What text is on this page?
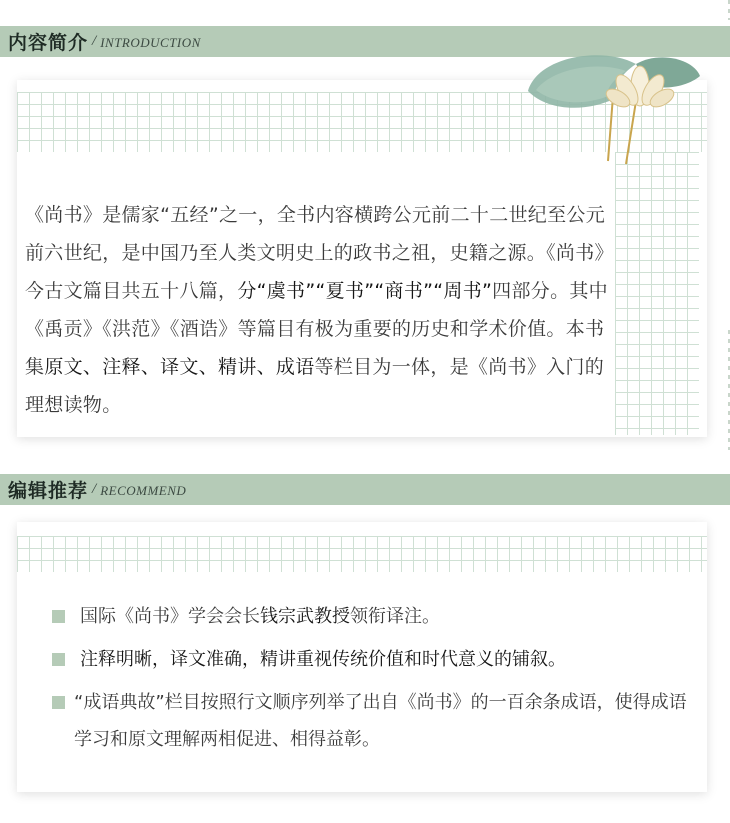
内容简介 / INTRODUCTION
《尚书》是儒家“五经”之一，全书内容横跨公元前二十二世纪至公元前六世纪，是中国乃至人类文明史上的政书之祖，史籍之源。《尚书》今古文篇目共五十八篇，分“虞书”“夏书”“商书”“周书”四部分。其中《禹贡》《洪范》《酒诰》等篇目有极为重要的历史和学术价值。本书集原文、注释、译文、精讲、成语等栏目为一体，是《尚书》入门的理想读物。
编辑推荐 / RECOMMEND
国际《尚书》学会会长钱宗武教授领衔译注。
注释明晰，译文准确，精讲重视传统价值和时代意义的铺叙。
“成语典故”栏目按照行文顺序列举了出自《尚书》的一百余条成语，使得成语学习和原文理解两相促进、相得益彰。
